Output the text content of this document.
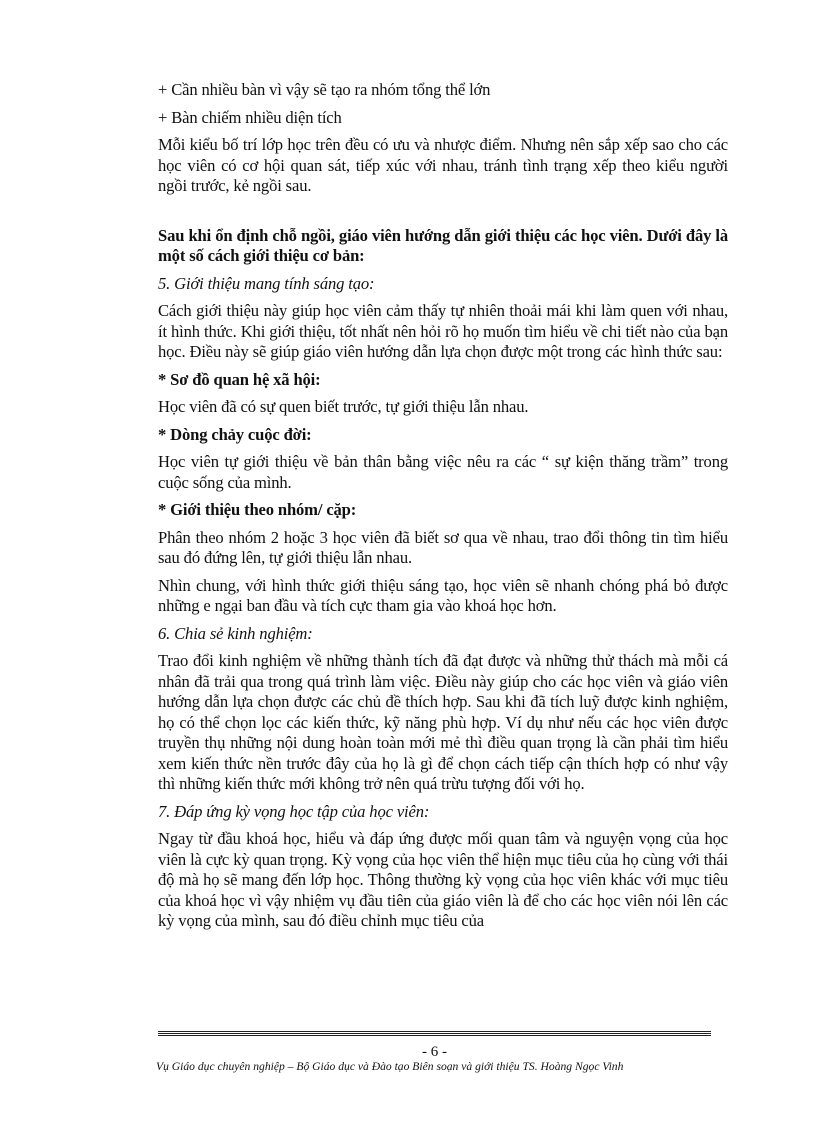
+ Cần nhiều bàn vì vậy sẽ tạo ra nhóm tổng thể lớn

+ Bàn chiếm nhiều diện tích

Mỗi kiểu bố trí lớp học trên đều có ưu và nhược điểm. Nhưng nên sắp xếp sao cho các học viên có cơ hội quan sát, tiếp xúc với nhau, tránh tình trạng xếp theo kiểu người ngồi trước, kẻ ngồi sau.

Sau khi ổn định chỗ ngồi, giáo viên hướng dẫn giới thiệu các học viên. Dưới đây là một số cách giới thiệu cơ bản:

5. Giới thiệu mang tính sáng tạo:

Cách giới thiệu này giúp học viên cảm thấy tự nhiên thoải mái khi làm quen với nhau, ít hình thức. Khi giới thiệu, tốt nhất nên hỏi rõ họ muốn tìm hiểu về chi tiết nào của bạn học. Điều này sẽ giúp giáo viên hướng dẫn lựa chọn được một trong các hình thức sau:

* Sơ đồ quan hệ xã hội:

Học viên đã có sự quen biết trước, tự giới thiệu lẫn nhau.

* Dòng chảy cuộc đời:

Học viên tự giới thiệu về bản thân bằng việc nêu ra các “ sự kiện thăng trầm” trong cuộc sống của mình.

* Giới thiệu theo nhóm/ cặp:

Phân theo nhóm 2 hoặc 3 học viên đã biết sơ qua về nhau, trao đổi thông tin tìm hiểu sau đó đứng lên, tự giới thiệu lẫn nhau.

Nhìn chung, với hình thức giới thiệu sáng tạo, học viên sẽ nhanh chóng phá bỏ được những e ngại ban đầu và tích cực tham gia vào khoá học hơn.

6. Chia sẻ kinh nghiệm:

Trao đổi kinh nghiệm về những thành tích đã đạt được và những thử thách mà mỗi cá nhân đã trải qua trong quá trình làm việc. Điều này giúp cho các học viên và giáo viên hướng dẫn lựa chọn được các chủ đề thích hợp. Sau khi đã tích luỹ được kinh nghiệm, họ có thể chọn lọc các kiến thức, kỹ năng phù hợp. Ví dụ như nếu các học viên được truyền thụ những nội dung hoàn toàn mới mẻ thì điều quan trọng là cần phải tìm hiểu xem kiến thức nền trước đây của họ là gì để chọn cách tiếp cận thích hợp có như vậy thì những kiến thức mới không trở nên quá trừu tượng đối với họ.

7. Đáp ứng kỳ vọng học tập của học viên:

Ngay từ đầu khoá học, hiểu và đáp ứng được mối quan tâm và nguyện vọng của học viên là cực kỳ quan trọng. Kỳ vọng của học viên thể hiện mục tiêu của họ cùng với thái độ mà họ sẽ mang đến lớp học. Thông thường kỳ vọng của học viên khác với mục tiêu của khoá học vì vậy nhiệm vụ đầu tiên của giáo viên là để cho các học viên nói lên các kỳ vọng của mình, sau đó điều chỉnh mục tiêu của

- 6 -
Vụ Giáo dục chuyên nghiệp – Bộ Giáo dục và Đào tạo Biên soạn và giới thiệu TS. Hoàng Ngọc Vinh
